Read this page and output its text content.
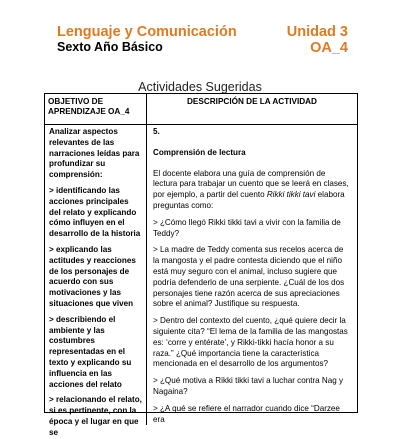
Lenguaje y Comunicación
Sexto Año Básico
Unidad 3
OA_4
Actividades Sugeridas
OBJETIVO DE APRENDIZAJE OA_4
DESCRIPCIÓN DE LA ACTIVIDAD

Analizar aspectos relevantes de las narraciones leídas para profundizar su comprensión:

> identificando las acciones principales del relato y explicando cómo influyen en el desarrollo de la historia

> explicando las actitudes y reacciones de los personajes de acuerdo con sus motivaciones y las situaciones que viven

> describiendo el ambiente y las costumbres representadas en el texto y explicando su influencia en las acciones del relato

> relacionando el relato, si es pertinente, con la época y el lugar en que se

5.

Comprensión de lectura

El docente elabora una guía de comprensión de lectura para trabajar un cuento que se leerá en clases, por ejemplo, a partir del cuento Rikki tikki tavi elabora preguntas como:

> ¿Cómo llegó Rikki tikki tavi a vivir con la familia de Teddy?

> La madre de Teddy comenta sus recelos acerca de la mangosta y el padre contesta diciendo que el niño está muy seguro con el animal, incluso sugiere que podría defenderlo de una serpiente. ¿Cuál de los dos personajes tiene razón acerca de sus apreciaciones sobre el animal? Justifique su respuesta.

> Dentro del contexto del cuento, ¿qué quiere decir la siguiente cita? “El lema de la familia de las mangostas es: ‘corre y entérate’, y Rikki-tikki hacía honor a su raza.” ¿Qué importancia tiene la característica mencionada en el desarrollo de los argumentos?

> ¿Qué motiva a Rikki tikki tavi a luchar contra Nag y Nagaina?

> ¿A qué se refiere el narrador cuando dice “Darzee era
